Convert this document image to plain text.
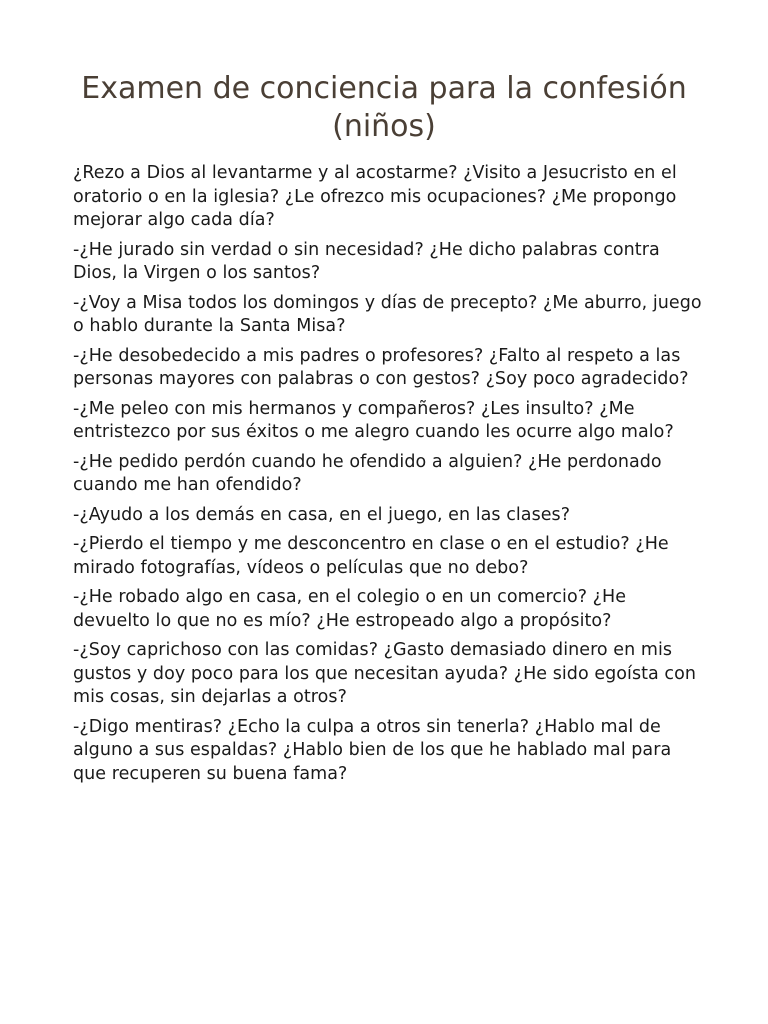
Examen de conciencia para la confesión (niños)
¿Rezo a Dios al levantarme y al acostarme? ¿Visito a Jesucristo en el oratorio o en la iglesia? ¿Le ofrezco mis ocupaciones? ¿Me propongo mejorar algo cada día?
-¿He jurado sin verdad o sin necesidad? ¿He dicho palabras contra Dios, la Virgen o los santos?
-¿Voy a Misa todos los domingos y días de precepto? ¿Me aburro, juego o hablo durante la Santa Misa?
-¿He desobedecido a mis padres o profesores? ¿Falto al respeto a las personas mayores con palabras o con gestos? ¿Soy poco agradecido?
-¿Me peleo con mis hermanos y compañeros? ¿Les insulto? ¿Me entristezco por sus éxitos o me alegro cuando les ocurre algo malo?
-¿He pedido perdón cuando he ofendido a alguien? ¿He perdonado cuando me han ofendido?
-¿Ayudo a los demás en casa, en el juego, en las clases?
-¿Pierdo el tiempo y me desconcentro en clase o en el estudio? ¿He mirado fotografías, vídeos o películas que no debo?
-¿He robado algo en casa, en el colegio o en un comercio? ¿He devuelto lo que no es mío? ¿He estropeado algo a propósito?
-¿Soy caprichoso con las comidas? ¿Gasto demasiado dinero en mis gustos y doy poco para los que necesitan ayuda? ¿He sido egoísta con mis cosas, sin dejarlas a otros?
-¿Digo mentiras? ¿Echo la culpa a otros sin tenerla? ¿Hablo mal de alguno a sus espaldas? ¿Hablo bien de los que he hablado mal para que recuperen su buena fama?
